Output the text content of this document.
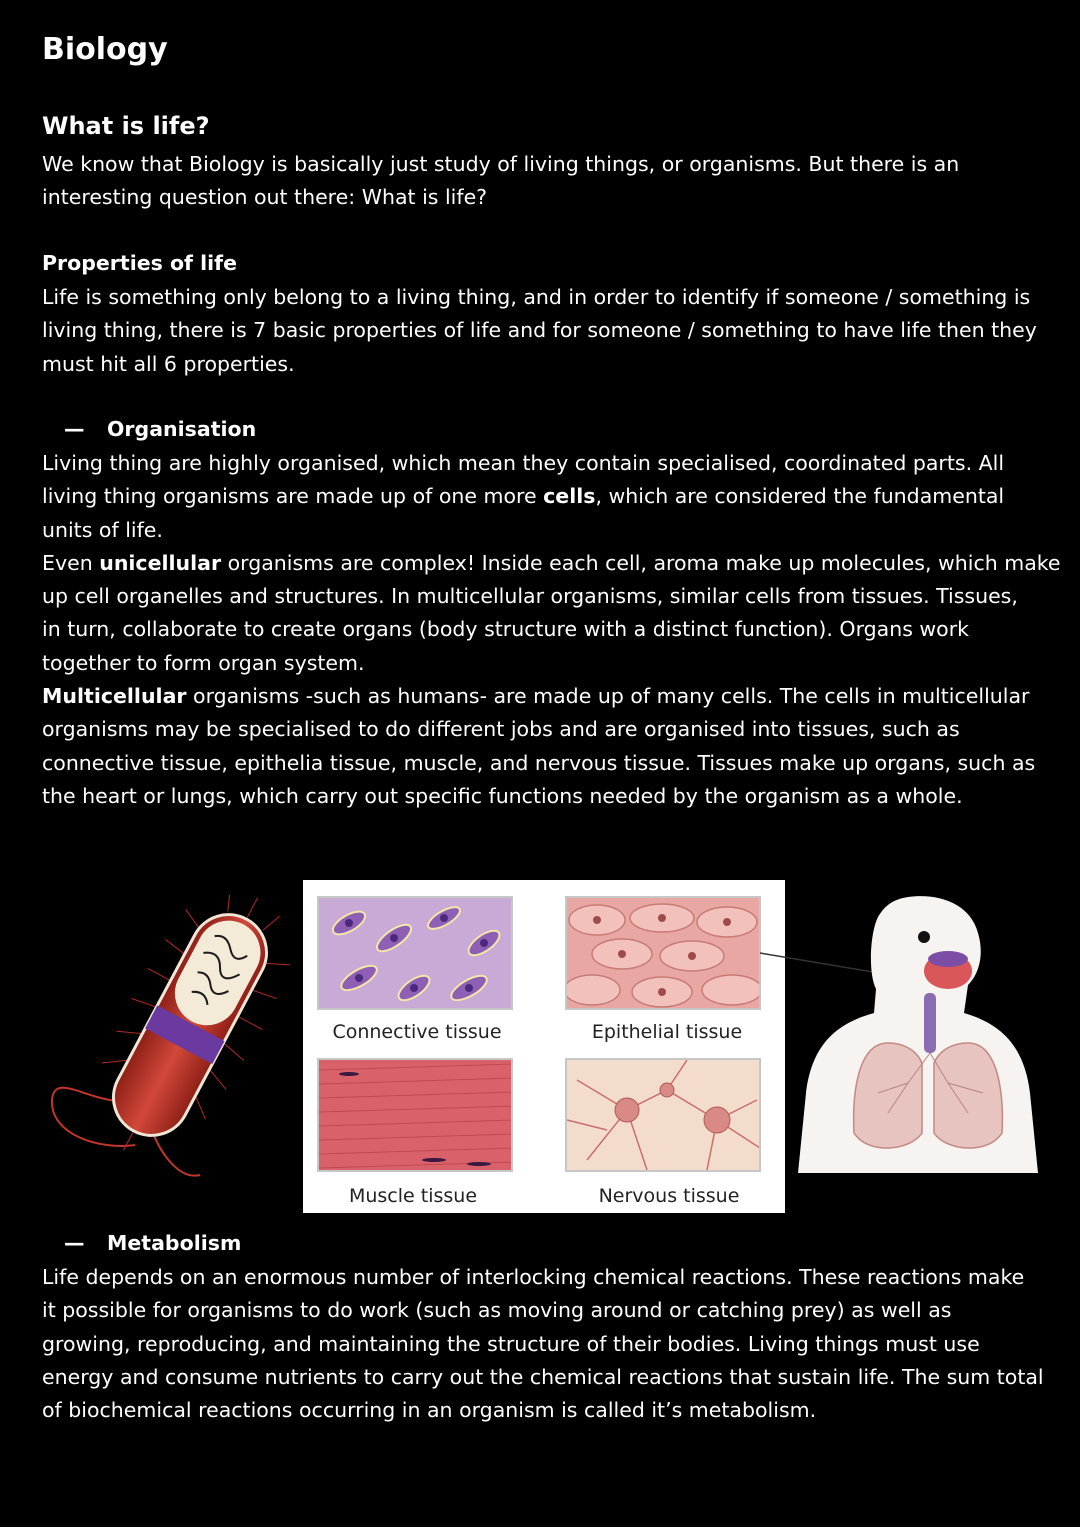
Biology
What is life?
We know that Biology is basically just study of living things, or organisms. But there is an
interesting question out there: What is life?
Properties of life
Life is something only belong to a living thing, and in order to identify if someone / something is
living thing, there is 7 basic properties of life and for someone / something to have life then they
must hit all 6 properties.
— Organisation
Living thing are highly organised, which mean they contain specialised, coordinated parts. All
living thing organisms are made up of one more cells, which are considered the fundamental
units of life.
Even unicellular organisms are complex! Inside each cell, aroma make up molecules, which make
up cell organelles and structures. In multicellular organisms, similar cells from tissues. Tissues,
in turn, collaborate to create organs (body structure with a distinct function). Organs work
together to form organ system.
Multicellular organisms -such as humans- are made up of many cells. The cells in multicellular
organisms may be specialised to do different jobs and are organised into tissues, such as
connective tissue, epithelia tissue, muscle, and nervous tissue. Tissues make up organs, such as
the heart or lungs, which carry out specific functions needed by the organism as a whole.
Connective tissue	Epithelial tissue
Muscle tissue	Nervous tissue
— Metabolism
Life depends on an enormous number of interlocking chemical reactions. These reactions make
it possible for organisms to do work (such as moving around or catching prey) as well as
growing, reproducing, and maintaining the structure of their bodies. Living things must use
energy and consume nutrients to carry out the chemical reactions that sustain life. The sum total
of biochemical reactions occurring in an organism is called it’s metabolism.
